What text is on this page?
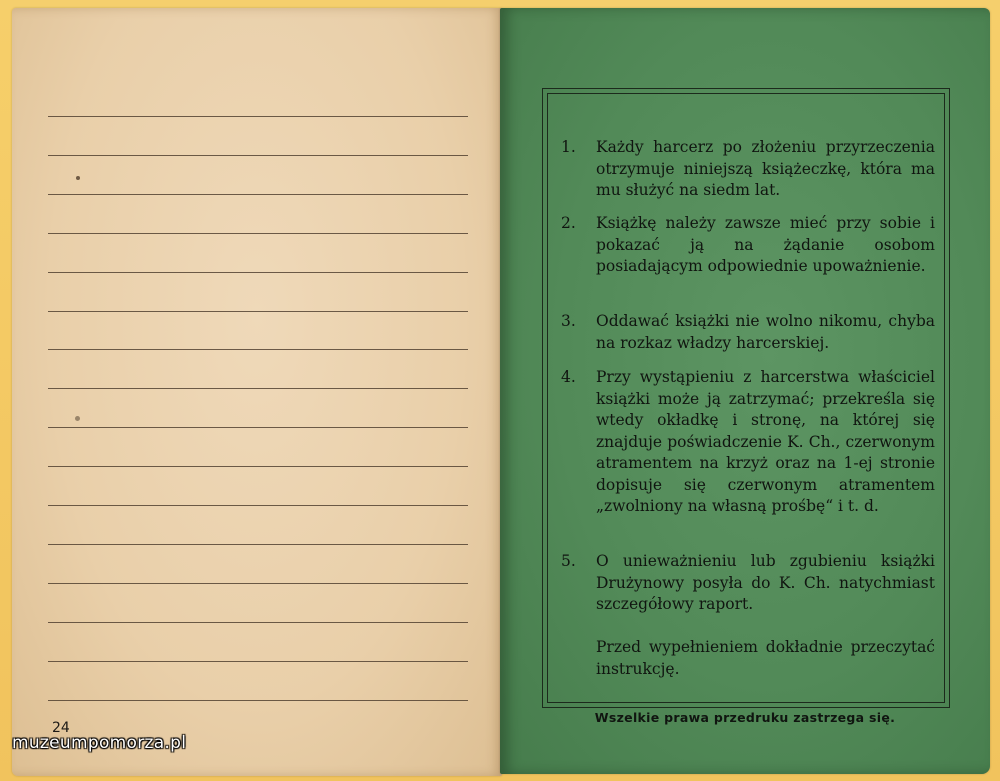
24
muzeumpomorza.pl
1.	Każdy harcerz po złożeniu przyrzeczenia otrzymuje niniejszą książeczkę, która ma mu służyć na siedm lat.
2.	Książkę należy zawsze mieć przy sobie i pokazać ją na żądanie osobom posiadającym odpowiednie upoważnienie.
3.	Oddawać książki nie wolno nikomu, chyba na rozkaz władzy harcerskiej.
4.	Przy wystąpieniu z harcerstwa właściciel książki może ją zatrzymać; przekreśla się wtedy okładkę i stronę, na której się znajduje poświadczenie K. Ch., czerwonym atramentem na krzyż oraz na 1-ej stronie dopisuje się czerwonym atramentem „zwolniony na własną prośbę“ i t. d.
5.	O unieważnieniu lub zgubieniu książki Drużynowy posyła do K. Ch. natychmiast szczegółowy raport.
Przed wypełnieniem dokładnie przeczytać instrukcję.
Wszelkie prawa przedruku zastrzega się.
